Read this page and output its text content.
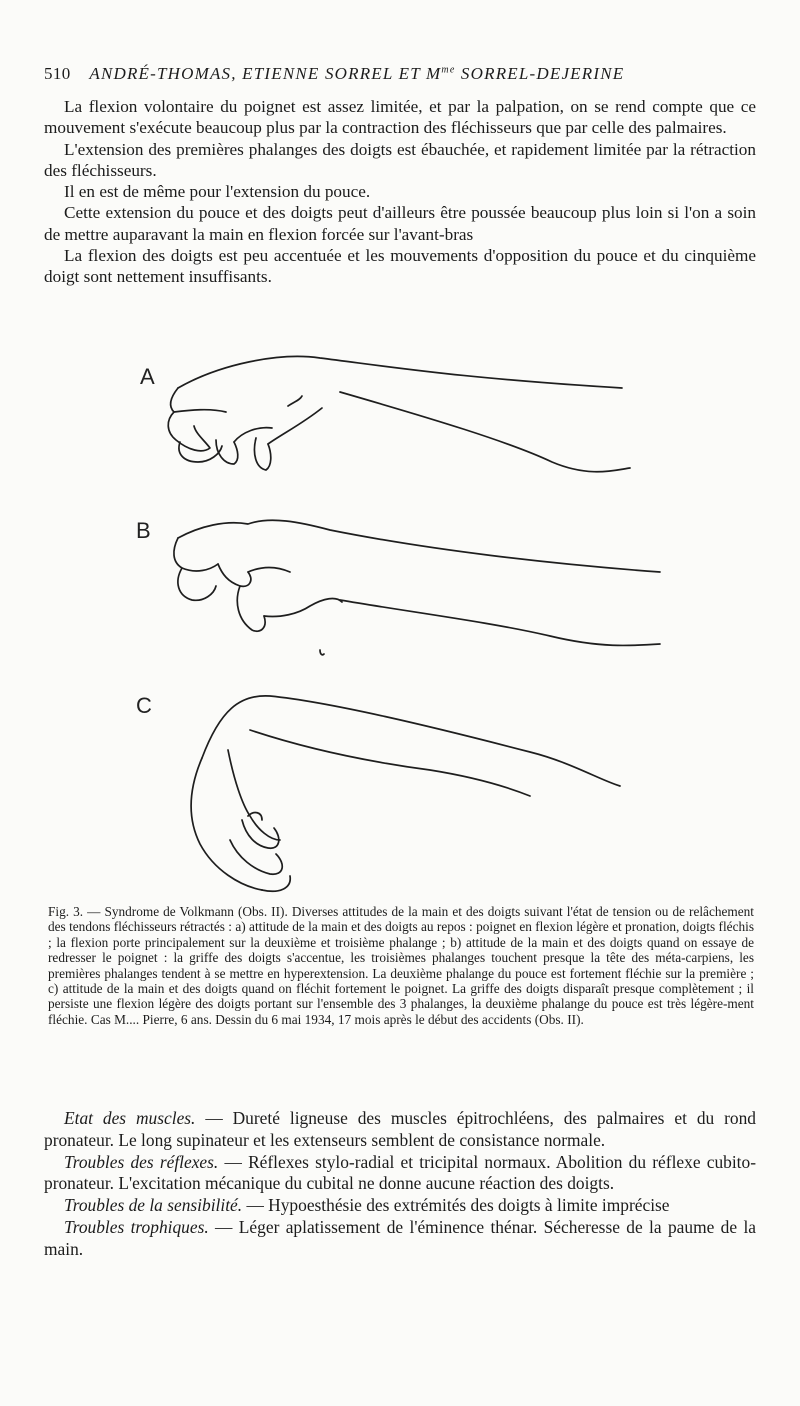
510 ANDRÉ-THOMAS, ETIENNE SORREL ET $M^{me}$ SORREL-DEJERINE

La flexion volontaire du poignet est assez limitée, et par la palpation, on se rend compte que ce mouvement s'exécute beaucoup plus par la contraction des fléchisseurs que par celle des palmaires.

L'extension des premières phalanges des doigts est ébauchée, et rapidement limitée par la rétraction des fléchisseurs.

Il en est de même pour l'extension du pouce.

Cette extension du pouce et des doigts peut d'ailleurs être poussée beaucoup plus loin si l'on a soin de mettre auparavant la main en flexion forcée sur l'avant-bras

La flexion des doigts est peu accentuée et les mouvements d'opposition du pouce et du cinquième doigt sont nettement insuffisants.

A
B
C
Fig. 3. — Syndrome de Volkmann (Obs. II). Diverses attitudes de la main et des doigts suivant l'état de tension ou de relâchement des tendons fléchisseurs rétractés : a) attitude de la main et des doigts au repos : poignet en flexion légère et pronation, doigts fléchis ; la flexion porte principalement sur la deuxième et troisième phalange ; b) attitude de la main et des doigts quand on essaye de redresser le poignet : la griffe des doigts s'accentue, les troisièmes phalanges touchent presque la tête des méta-carpiens, les premières phalanges tendent à se mettre en hyperextension. La deuxième phalange du pouce est fortement fléchie sur la première ; c) attitude de la main et des doigts quand on fléchit fortement le poignet. La griffe des doigts disparaît presque complètement ; il persiste une flexion légère des doigts portant sur l'ensemble des 3 phalanges, la deuxième phalange du pouce est très légère-ment fléchie. Cas M.... Pierre, 6 ans. Dessin du 6 mai 1934, 17 mois après le début des accidents (Obs. II).

Etat des muscles. — Dureté ligneuse des muscles épitrochléens, des palmaires et du rond pronateur. Le long supinateur et les extenseurs semblent de consistance normale.

Troubles des réflexes. — Réflexes stylo-radial et tricipital normaux. Abolition du réflexe cubito-pronateur. L'excitation mécanique du cubital ne donne aucune réaction des doigts.

Troubles de la sensibilité. — Hypoesthésie des extrémités des doigts à limite imprécise

Troubles trophiques. — Léger aplatissement de l'éminence thénar. Sécheresse de la paume de la main.
